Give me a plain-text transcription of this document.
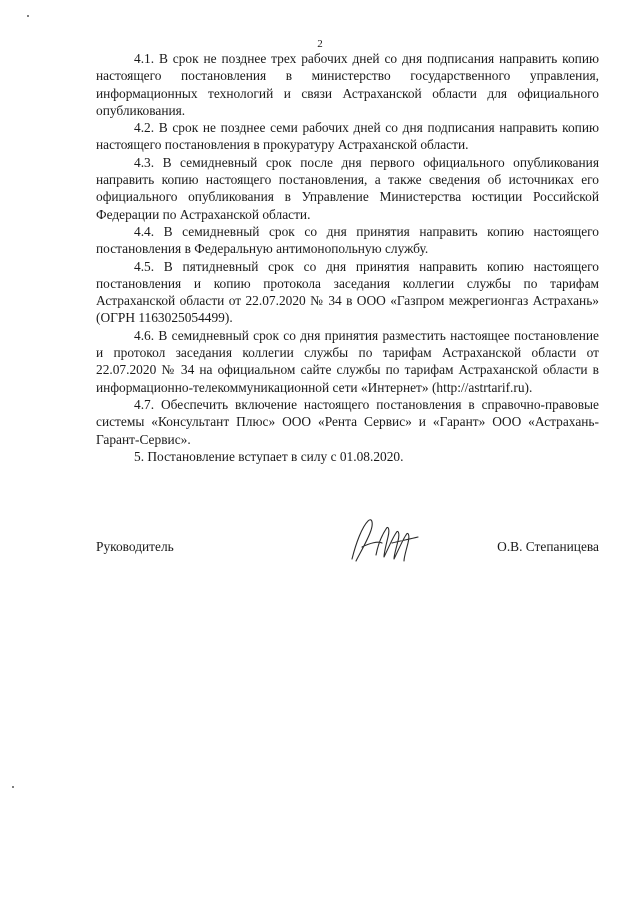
2

4.1. В срок не позднее трех рабочих дней со дня подписания направить копию настоящего постановления в министерство государственного управления, информационных технологий и связи Астраханской области для официального опубликования.

4.2. В срок не позднее семи рабочих дней со дня подписания направить копию настоящего постановления в прокуратуру Астраханской области.

4.3. В семидневный срок после дня первого официального опубликования направить копию настоящего постановления, а также сведения об источниках его официального опубликования в Управление Министерства юстиции Российской Федерации по Астраханской области.

4.4. В семидневный срок со дня принятия направить копию настоящего постановления в Федеральную антимонопольную службу.

4.5. В пятидневный срок со дня принятия направить копию настоящего постановления и копию протокола заседания коллегии службы по тарифам Астраханской области от 22.07.2020 № 34 в ООО «Газпром межрегионгаз Астрахань» (ОГРН 1163025054499).

4.6. В семидневный срок со дня принятия разместить настоящее постановление и протокол заседания коллегии службы по тарифам Астраханской области от 22.07.2020 № 34 на официальном сайте службы по тарифам Астраханской области в информационно-телекоммуникационной сети «Интернет» (http://astrtarif.ru).

4.7. Обеспечить включение настоящего постановления в справочно-правовые системы «Консультант Плюс» ООО «Рента Сервис» и «Гарант» ООО «Астрахань-Гарант-Сервис».

5. Постановление вступает в силу с 01.08.2020.

Руководитель	О.В. Степаницева
